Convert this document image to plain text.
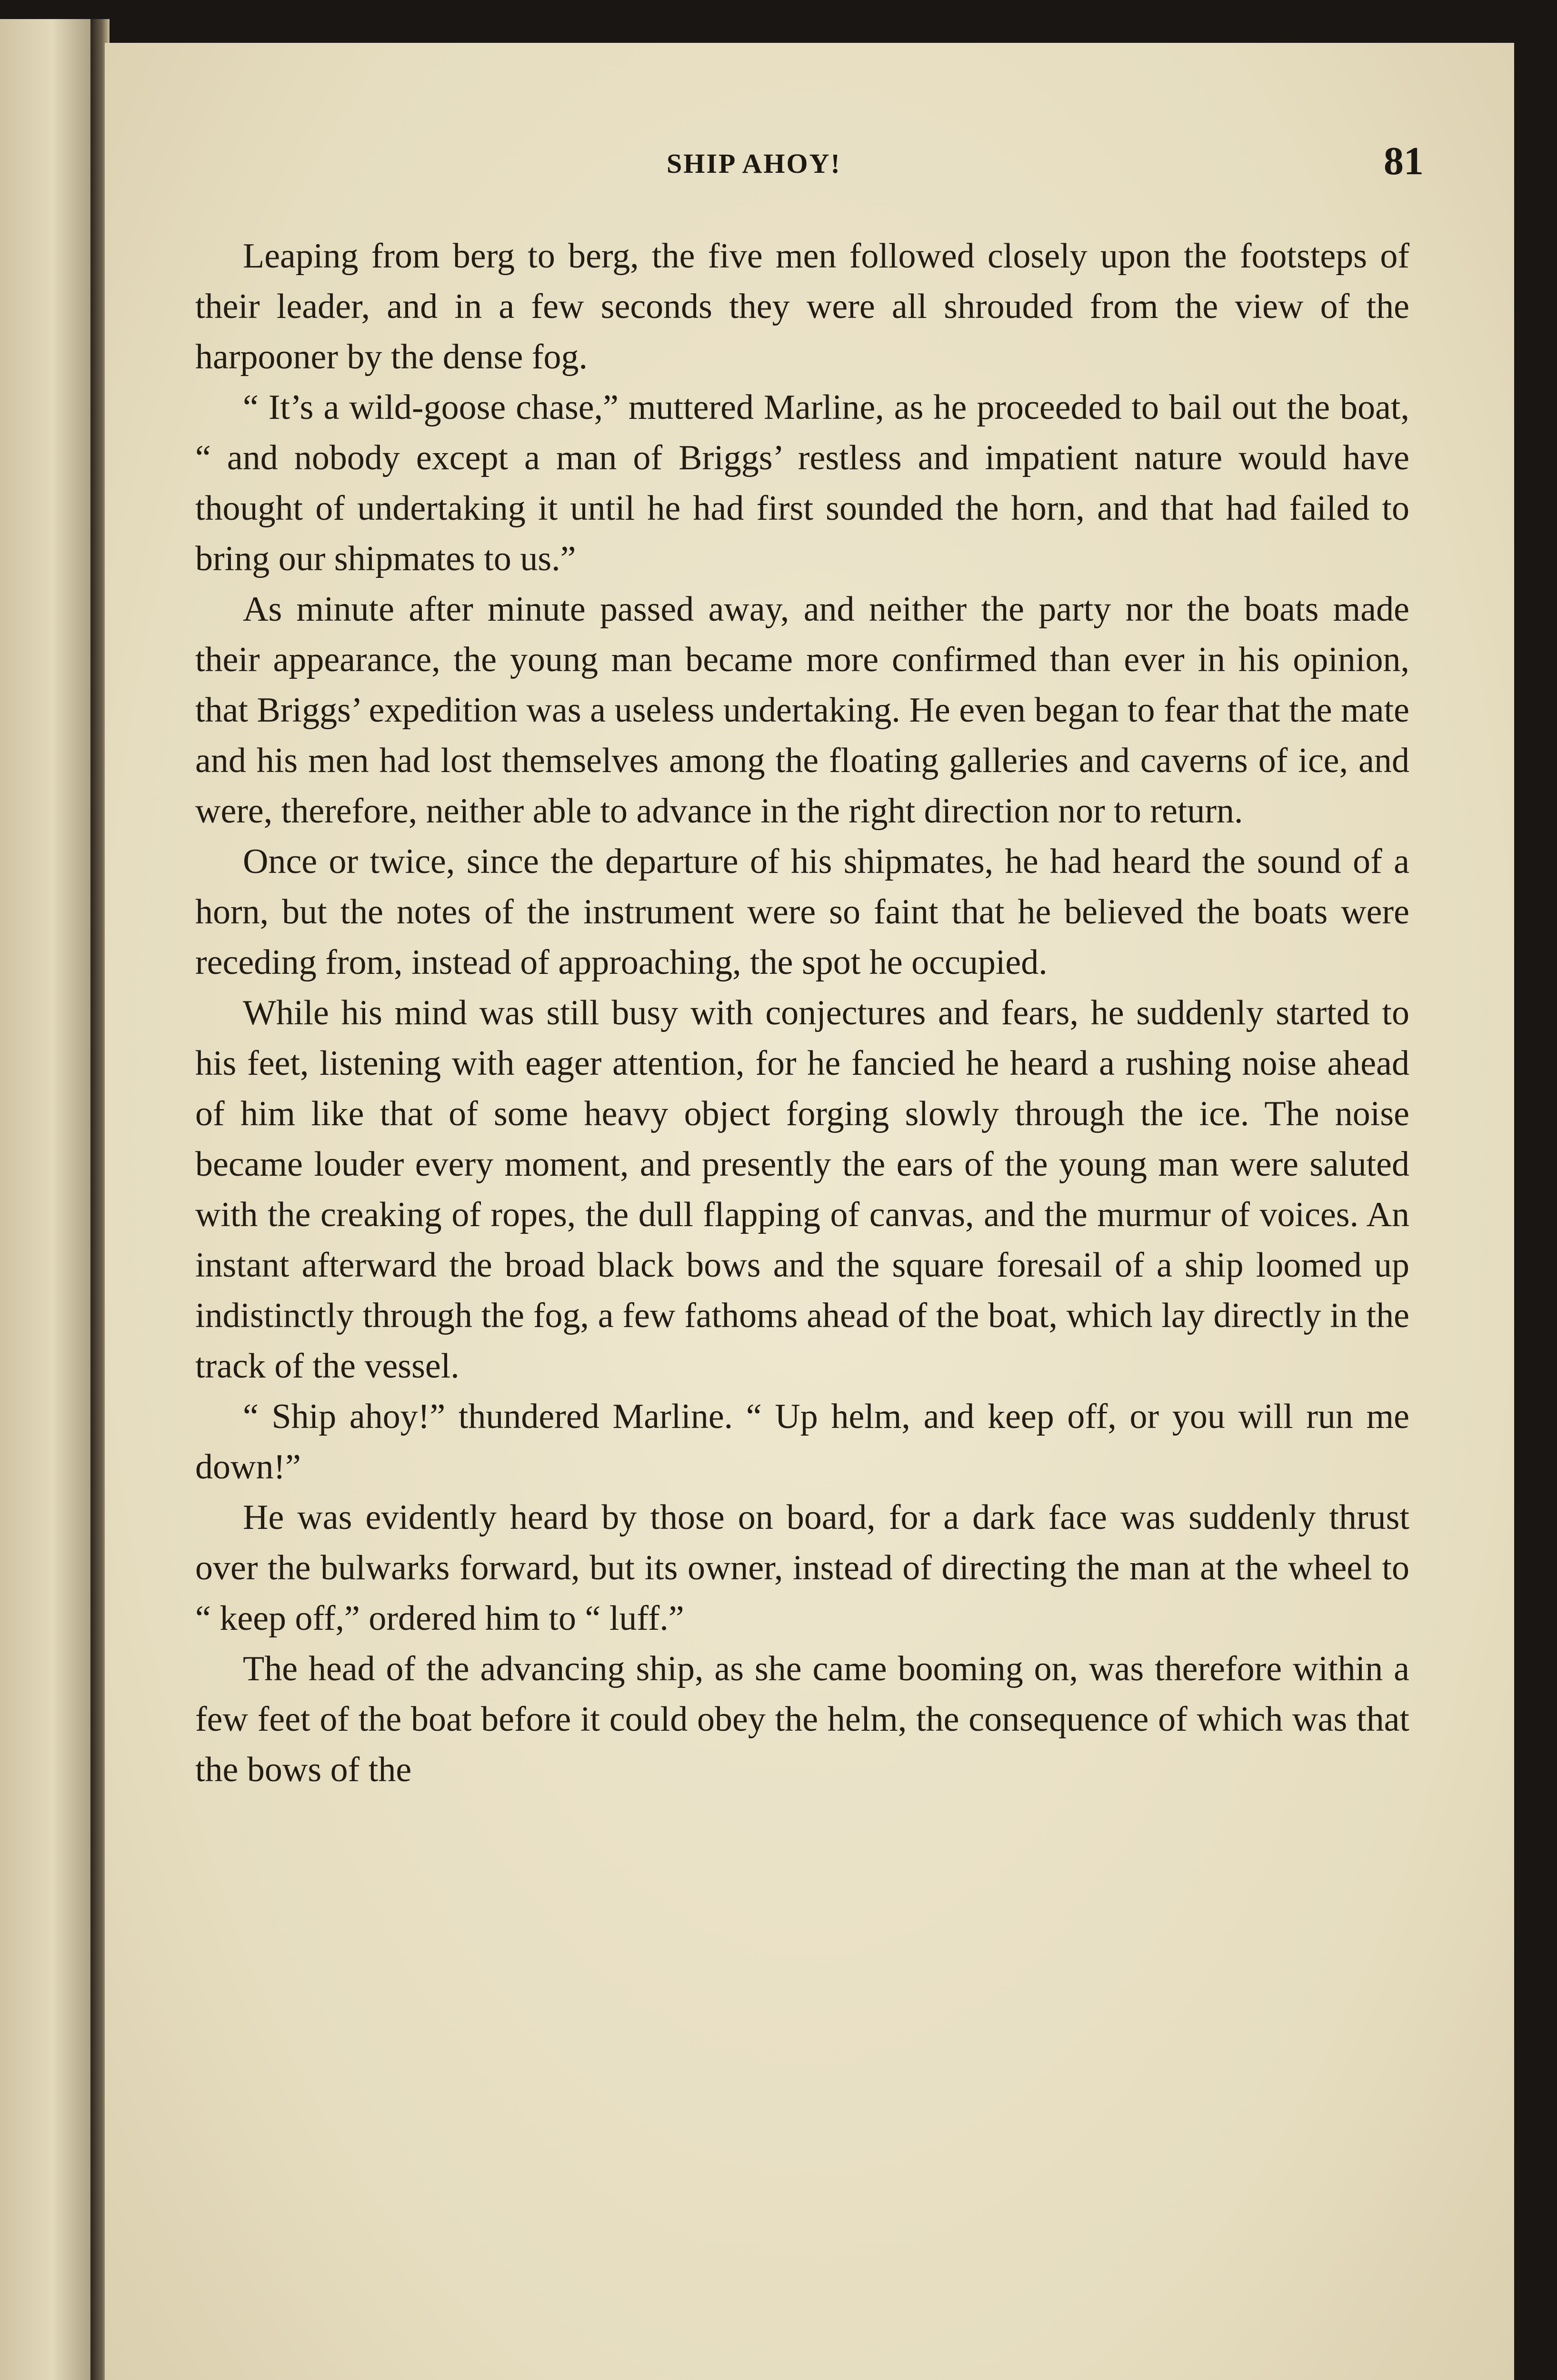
SHIP AHOY!	81

Leaping from berg to berg, the five men followed closely upon the footsteps of their leader, and in a few seconds they were all shrouded from the view of the harpooner by the dense fog.

“ It’s a wild-goose chase,” muttered Marline, as he proceeded to bail out the boat, “ and nobody except a man of Briggs’ restless and impatient nature would have thought of undertaking it until he had first sounded the horn, and that had failed to bring our shipmates to us.”

As minute after minute passed away, and neither the party nor the boats made their appearance, the young man became more confirmed than ever in his opinion, that Briggs’ expedition was a useless undertaking. He even began to fear that the mate and his men had lost themselves among the floating galleries and caverns of ice, and were, therefore, neither able to advance in the right direction nor to return.

Once or twice, since the departure of his shipmates, he had heard the sound of a horn, but the notes of the instrument were so faint that he believed the boats were receding from, instead of approaching, the spot he occupied.

While his mind was still busy with conjectures and fears, he suddenly started to his feet, listening with eager attention, for he fancied he heard a rushing noise ahead of him like that of some heavy object forging slowly through the ice. The noise became louder every moment, and presently the ears of the young man were saluted with the creaking of ropes, the dull flapping of canvas, and the murmur of voices. An instant afterward the broad black bows and the square foresail of a ship loomed up indistinctly through the fog, a few fathoms ahead of the boat, which lay directly in the track of the vessel.

“ Ship ahoy!” thundered Marline. “ Up helm, and keep off, or you will run me down!”

He was evidently heard by those on board, for a dark face was suddenly thrust over the bulwarks forward, but its owner, instead of directing the man at the wheel to “ keep off,” ordered him to “ luff.”

The head of the advancing ship, as she came booming on, was therefore within a few feet of the boat before it could obey the helm, the consequence of which was that the bows of the
